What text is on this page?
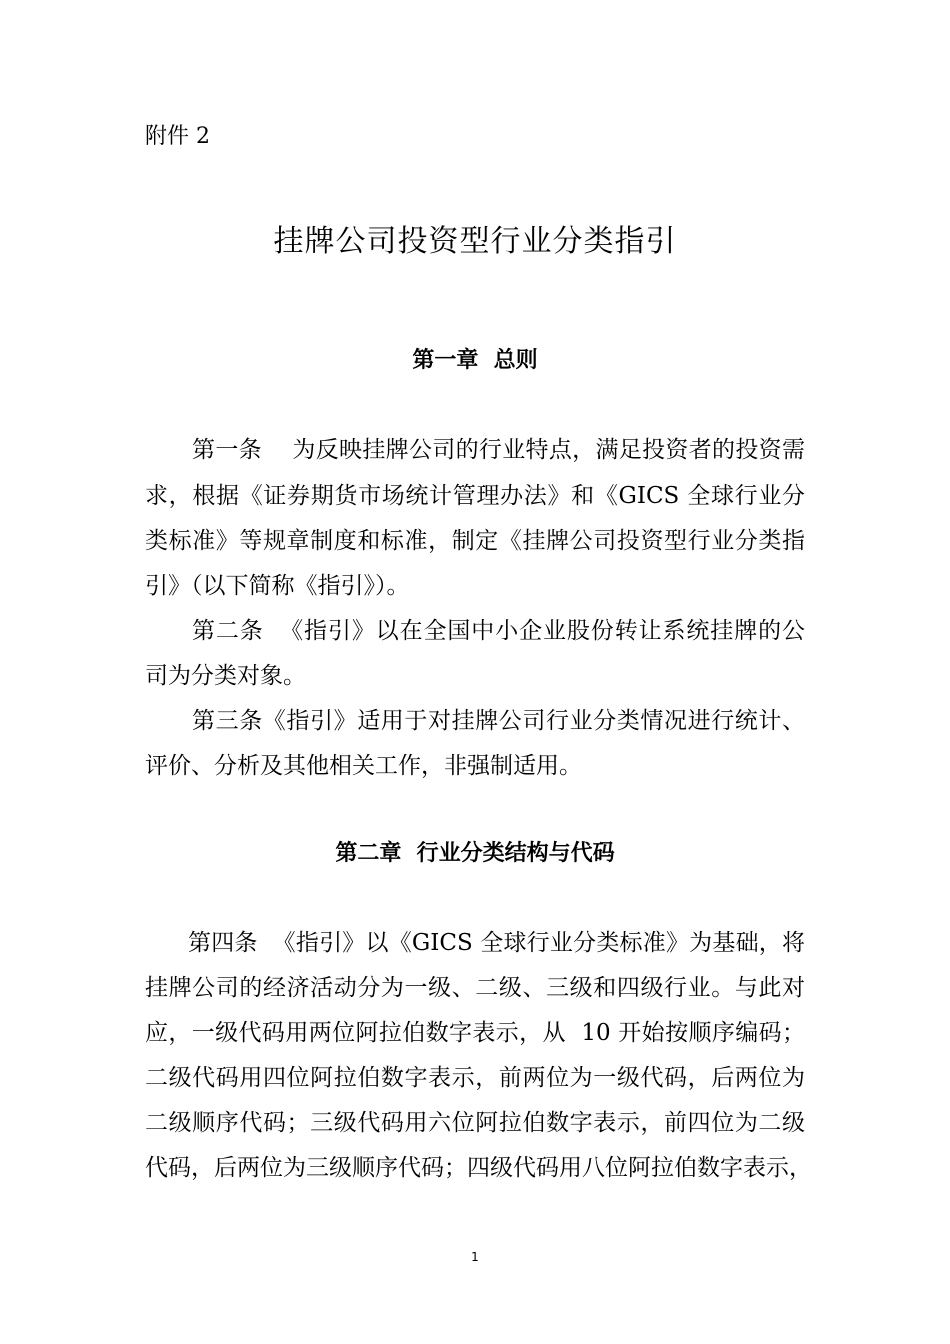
附件 2
挂牌公司投资型行业分类指引
第一章  总则
第一条    为反映挂牌公司的行业特点，满足投资者的投资需
求，根据《证券期货市场统计管理办法》和《GICS 全球行业分
类标准》等规章制度和标准，制定《挂牌公司投资型行业分类指
引》（以下简称《指引》）。
第二条  《指引》以在全国中小企业股份转让系统挂牌的公
司为分类对象。
第三条《指引》适用于对挂牌公司行业分类情况进行统计、
评价、分析及其他相关工作，非强制适用。
第二章  行业分类结构与代码
第四条  《指引》以《GICS 全球行业分类标准》为基础，将
挂牌公司的经济活动分为一级、二级、三级和四级行业。与此对
应，一级代码用两位阿拉伯数字表示，从  10 开始按顺序编码；
二级代码用四位阿拉伯数字表示，前两位为一级代码，后两位为
二级顺序代码；三级代码用六位阿拉伯数字表示，前四位为二级
代码，后两位为三级顺序代码；四级代码用八位阿拉伯数字表示，
1
